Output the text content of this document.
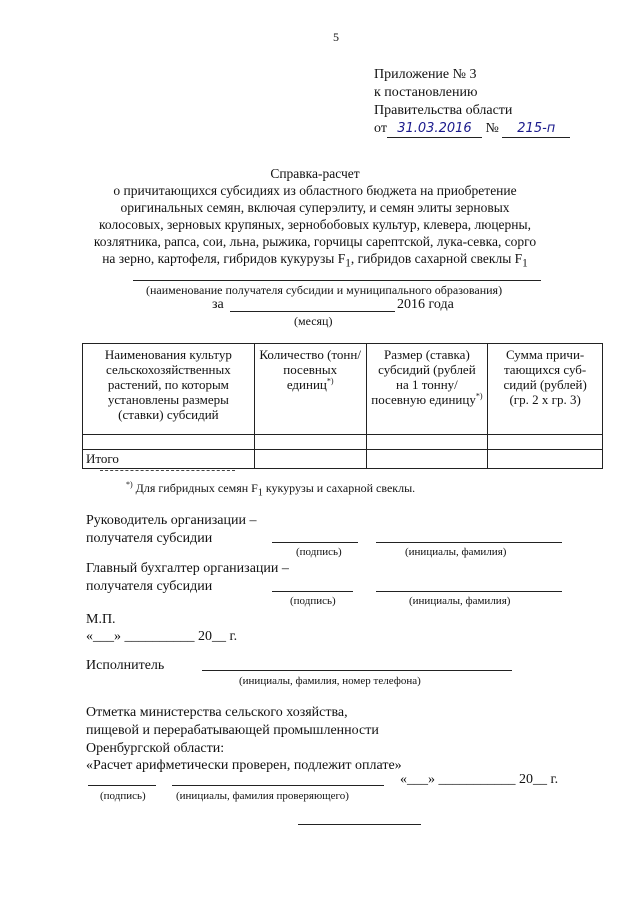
5
Приложение № 3
к постановлению
Правительства области
от 31.03.2016 № 215-п
Справка-расчет
о причитающихся субсидиях из областного бюджета на приобретение
оригинальных семян, включая суперэлиту, и семян элиты зерновых
колосовых, зерновых крупяных, зернобобовых культур, клевера, люцерны,
козлятника, рапса, сои, льна, рыжика, горчицы сарептской, лука-севка, сорго
на зерно, картофеля, гибридов кукурузы $F_1$, гибридов сахарной свеклы $F_1$
(наименование получателя субсидии и муниципального образования)
за	2016 года
(месяц)
Наименования культур сельскохозяйственных растений, по которым установлены размеры (ставки) субсидий	Количество (тонн/посевных единиц*)	Размер (ставка) субсидий (рублей на 1 тонну/ посевную единицу*)	Сумма причи- тающихся суб- сидий (рублей) (гр. 2 х гр. 3)

Итого			
*) Для гибридных семян $F_1$ кукурузы и сахарной свеклы.
Руководитель организации –
получателя субсидии
(подпись)	(инициалы, фамилия)
Главный бухгалтер организации –
получателя субсидии
(подпись)	(инициалы, фамилия)
М.П.
«___» __________ 20__ г.
Исполнитель
(инициалы, фамилия, номер телефона)
Отметка министерства сельского хозяйства,
пищевой и перерабатывающей промышленности
Оренбургской области:
«Расчет арифметически проверен, подлежит оплате»
«___» ___________ 20__ г.
(подпись)	(инициалы, фамилия проверяющего)
